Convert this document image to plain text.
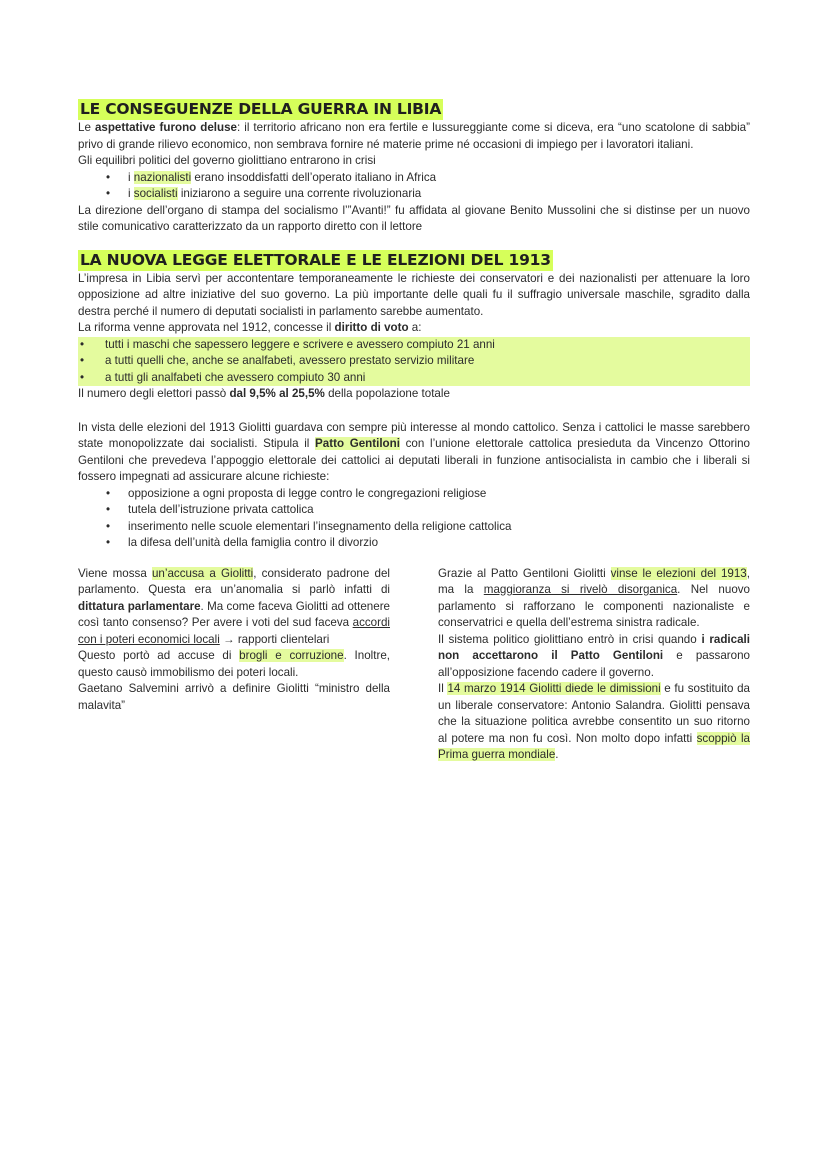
LE CONSEGUENZE DELLA GUERRA IN LIBIA

Le aspettative furono deluse: il territorio africano non era fertile e lussureggiante come si diceva, era “uno scatolone di sabbia” privo di grande rilievo economico, non sembrava fornire né materie prime né occasioni di impiego per i lavoratori italiani.

Gli equilibri politici del governo giolittiano entrarono in crisi

• i nazionalisti erano insoddisfatti dell’operato italiano in Africa
• i socialisti iniziarono a seguire una corrente rivoluzionaria

La direzione dell’organo di stampa del socialismo l’”Avanti!” fu affidata al giovane Benito Mussolini che si distinse per un nuovo stile comunicativo caratterizzato da un rapporto diretto con il lettore

LA NUOVA LEGGE ELETTORALE E LE ELEZIONI DEL 1913

L’impresa in Libia servì per accontentare temporaneamente le richieste dei conservatori e dei nazionalisti per attenuare la loro opposizione ad altre iniziative del suo governo. La più importante delle quali fu il suffragio universale maschile, sgradito dalla destra perché il numero di deputati socialisti in parlamento sarebbe aumentato.

La riforma venne approvata nel 1912, concesse il diritto di voto a:

• tutti i maschi che sapessero leggere e scrivere e avessero compiuto 21 anni
• a tutti quelli che, anche se analfabeti, avessero prestato servizio militare
• a tutti gli analfabeti che avessero compiuto 30 anni

Il numero degli elettori passò dal 9,5% al 25,5% della popolazione totale

In vista delle elezioni del 1913 Giolitti guardava con sempre più interesse al mondo cattolico. Senza i cattolici le masse sarebbero state monopolizzate dai socialisti. Stipula il Patto Gentiloni con l’unione elettorale cattolica presieduta da Vincenzo Ottorino Gentiloni che prevedeva l’appoggio elettorale dei cattolici ai deputati liberali in funzione antisocialista in cambio che i liberali si fossero impegnati ad assicurare alcune richieste:

• opposizione a ogni proposta di legge contro le congregazioni religiose
• tutela dell’istruzione privata cattolica
• inserimento nelle scuole elementari l’insegnamento della religione cattolica
• la difesa dell’unità della famiglia contro il divorzio

Viene mossa un’accusa a Giolitti, considerato padrone del parlamento. Questa era un’anomalia si parlò infatti di dittatura parlamentare. Ma come faceva Giolitti ad ottenere così tanto consenso? Per avere i voti del sud faceva accordi con i poteri economici locali → rapporti clientelari

Questo portò ad accuse di brogli e corruzione. Inoltre, questo causò immobilismo dei poteri locali.

Gaetano Salvemini arrivò a definire Giolitti “ministro della malavita”

Grazie al Patto Gentiloni Giolitti vinse le elezioni del 1913, ma la maggioranza si rivelò disorganica. Nel nuovo parlamento si rafforzano le componenti nazionaliste e conservatrici e quella dell’estrema sinistra radicale.

Il sistema politico giolittiano entrò in crisi quando i radicali non accettarono il Patto Gentiloni e passarono all’opposizione facendo cadere il governo.

Il 14 marzo 1914 Giolitti diede le dimissioni e fu sostituito da un liberale conservatore: Antonio Salandra. Giolitti pensava che la situazione politica avrebbe consentito un suo ritorno al potere ma non fu così. Non molto dopo infatti scoppiò la Prima guerra mondiale.
